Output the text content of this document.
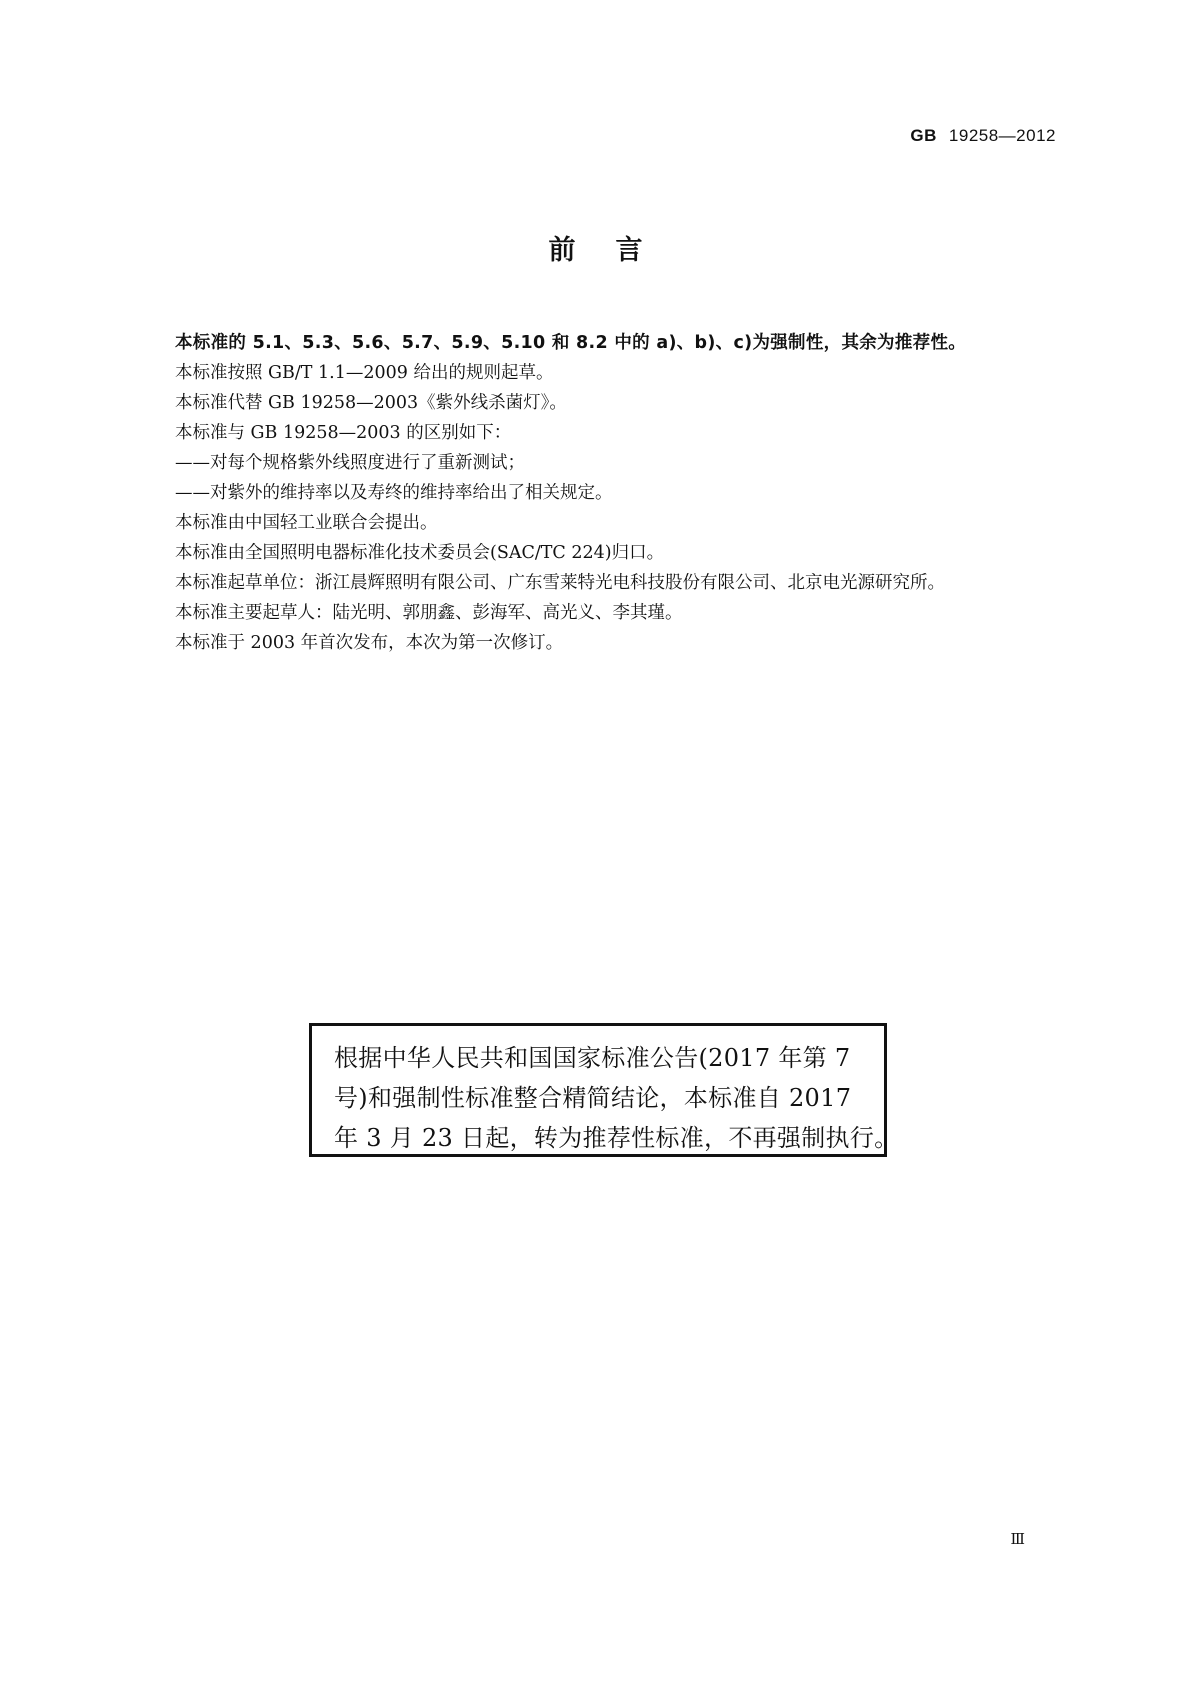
GB 19258—2012
前言

本标准的 5.1、5.3、5.6、5.7、5.9、5.10 和 8.2 中的 a)、b)、c)为强制性，其余为推荐性。

本标准按照 GB/T 1.1—2009 给出的规则起草。

本标准代替 GB 19258—2003《紫外线杀菌灯》。

本标准与 GB 19258—2003 的区别如下：

——对每个规格紫外线照度进行了重新测试；

——对紫外的维持率以及寿终的维持率给出了相关规定。

本标准由中国轻工业联合会提出。

本标准由全国照明电器标准化技术委员会(SAC/TC 224)归口。

本标准起草单位：浙江晨辉照明有限公司、广东雪莱特光电科技股份有限公司、北京电光源研究所。

本标准主要起草人：陆光明、郭朋鑫、彭海军、高光义、李其瑾。

本标准于 2003 年首次发布，本次为第一次修订。

根据中华人民共和国国家标准公告(2017 年第 7

号)和强制性标准整合精简结论，本标准自 2017

年 3 月 23 日起，转为推荐性标准，不再强制执行。

Ⅲ
